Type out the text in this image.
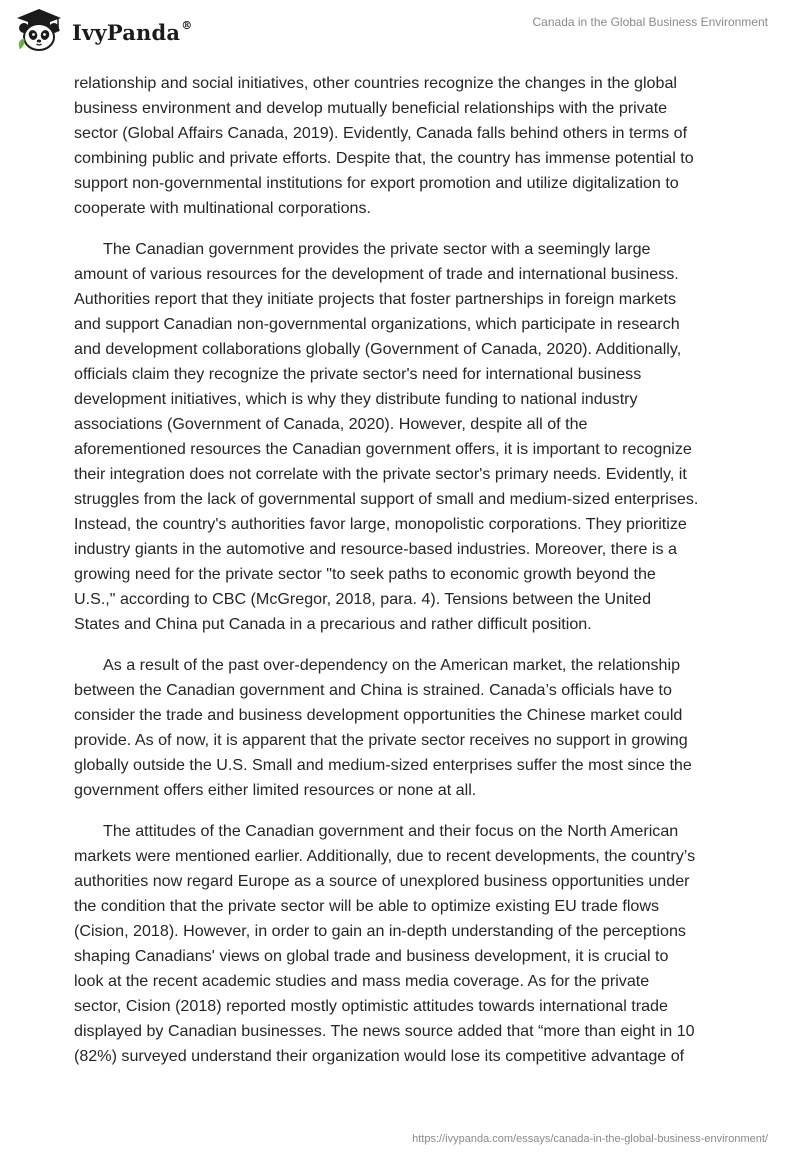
IvyPanda®	Canada in the Global Business Environment

relationship and social initiatives, other countries recognize the changes in the global
business environment and develop mutually beneficial relationships with the private
sector (Global Affairs Canada, 2019). Evidently, Canada falls behind others in terms of
combining public and private efforts. Despite that, the country has immense potential to
support non-governmental institutions for export promotion and utilize digitalization to
cooperate with multinational corporations.

The Canadian government provides the private sector with a seemingly large
amount of various resources for the development of trade and international business.
Authorities report that they initiate projects that foster partnerships in foreign markets
and support Canadian non-governmental organizations, which participate in research
and development collaborations globally (Government of Canada, 2020). Additionally,
officials claim they recognize the private sector's need for international business
development initiatives, which is why they distribute funding to national industry
associations (Government of Canada, 2020). However, despite all of the
aforementioned resources the Canadian government offers, it is important to recognize
their integration does not correlate with the private sector's primary needs. Evidently, it
struggles from the lack of governmental support of small and medium-sized enterprises.
Instead, the country's authorities favor large, monopolistic corporations. They prioritize
industry giants in the automotive and resource-based industries. Moreover, there is a
growing need for the private sector "to seek paths to economic growth beyond the
U.S.," according to CBC (McGregor, 2018, para. 4). Tensions between the United
States and China put Canada in a precarious and rather difficult position.

As a result of the past over-dependency on the American market, the relationship
between the Canadian government and China is strained. Canada’s officials have to
consider the trade and business development opportunities the Chinese market could
provide. As of now, it is apparent that the private sector receives no support in growing
globally outside the U.S. Small and medium-sized enterprises suffer the most since the
government offers either limited resources or none at all.

The attitudes of the Canadian government and their focus on the North American
markets were mentioned earlier. Additionally, due to recent developments, the country’s
authorities now regard Europe as a source of unexplored business opportunities under
the condition that the private sector will be able to optimize existing EU trade flows
(Cision, 2018). However, in order to gain an in-depth understanding of the perceptions
shaping Canadians' views on global trade and business development, it is crucial to
look at the recent academic studies and mass media coverage. As for the private
sector, Cision (2018) reported mostly optimistic attitudes towards international trade
displayed by Canadian businesses. The news source added that “more than eight in 10
(82%) surveyed understand their organization would lose its competitive advantage of

https://ivypanda.com/essays/canada-in-the-global-business-environment/
